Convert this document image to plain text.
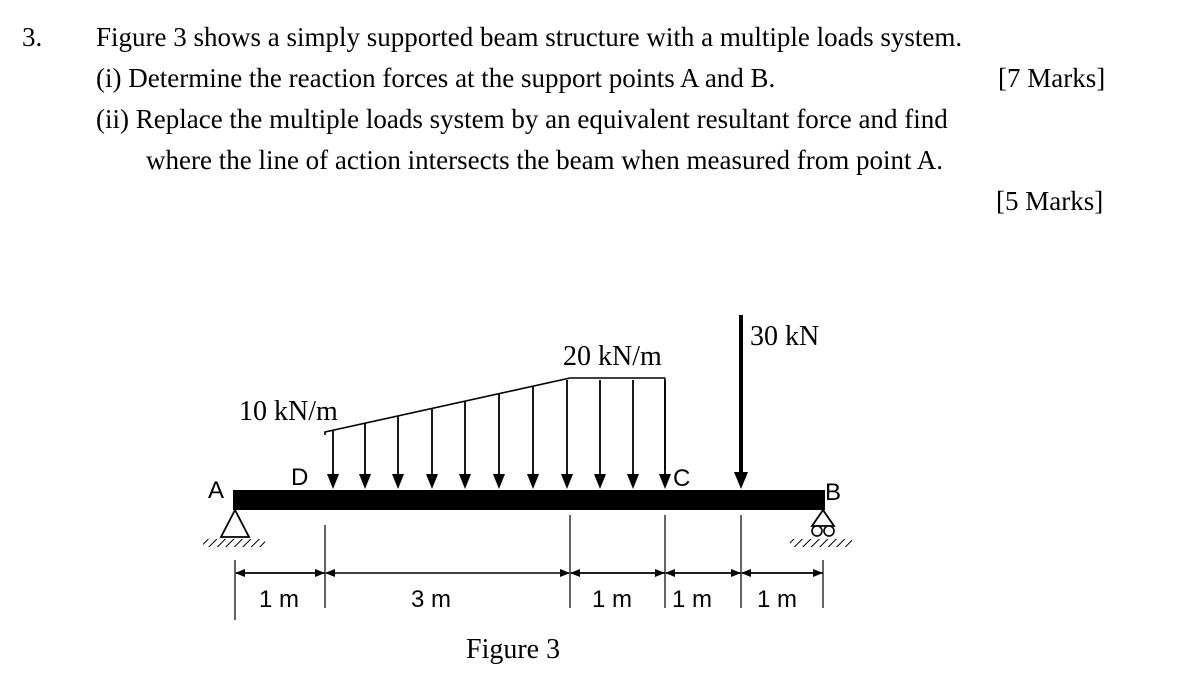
3. Figure 3 shows a simply supported beam structure with a multiple loads system.
(i) Determine the reaction forces at the support points A and B.	[7 Marks]
(ii) Replace the multiple loads system by an equivalent resultant force and find
where the line of action intersects the beam when measured from point A.
[5 Marks]
10 kN/m
20 kN/m
30 kN
A	D	C
B
1 m	3 m	1 m 1 m 1 m
Figure 3
